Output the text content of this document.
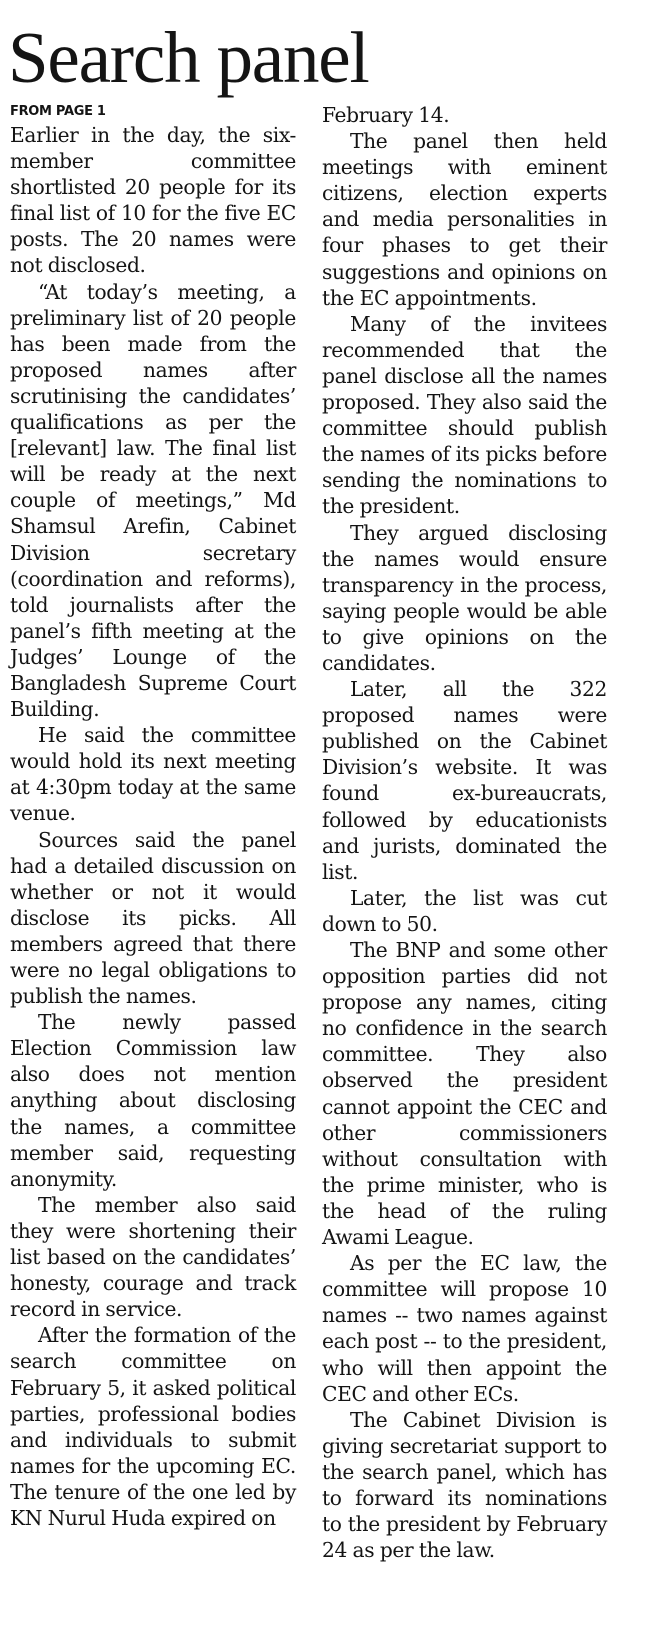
Search panel
FROM PAGE 1

Earlier in the day, the six-member committee shortlisted 20 people for its final list of 10 for the five EC posts. The 20 names were not disclosed.

“At today’s meeting, a preliminary list of 20 people has been made from the proposed names after scrutinising the candidates’ qualifications as per the [relevant] law. The final list will be ready at the next couple of meetings,” Md Shamsul Arefin, Cabinet Division secretary (coordination and reforms), told journalists after the panel’s fifth meeting at the Judges’ Lounge of the Bangladesh Supreme Court Building.

He said the committee would hold its next meeting at 4:30pm today at the same venue.

Sources said the panel had a detailed discussion on whether or not it would disclose its picks. All members agreed that there were no legal obligations to publish the names.

The newly passed Election Commission law also does not mention anything about disclosing the names, a committee member said, requesting anonymity.

The member also said they were shortening their list based on the candidates’ honesty, courage and track record in service.

After the formation of the search committee on February 5, it asked political parties, professional bodies and individuals to submit names for the upcoming EC. The tenure of the one led by KN Nurul Huda expired on

February 14.

The panel then held meetings with eminent citizens, election experts and media personalities in four phases to get their suggestions and opinions on the EC appointments.

Many of the invitees recommended that the panel disclose all the names proposed. They also said the committee should publish the names of its picks before sending the nominations to the president.

They argued disclosing the names would ensure transparency in the process, saying people would be able to give opinions on the candidates.

Later, all the 322 proposed names were published on the Cabinet Division’s website. It was found ex-bureaucrats, followed by educationists and jurists, dominated the list.

Later, the list was cut down to 50.

The BNP and some other opposition parties did not propose any names, citing no confidence in the search committee. They also observed the president cannot appoint the CEC and other commissioners without consultation with the prime minister, who is the head of the ruling Awami League.

As per the EC law, the committee will propose 10 names -- two names against each post -- to the president, who will then appoint the CEC and other ECs.

The Cabinet Division is giving secretariat support to the search panel, which has to forward its nominations to the president by February 24 as per the law.
